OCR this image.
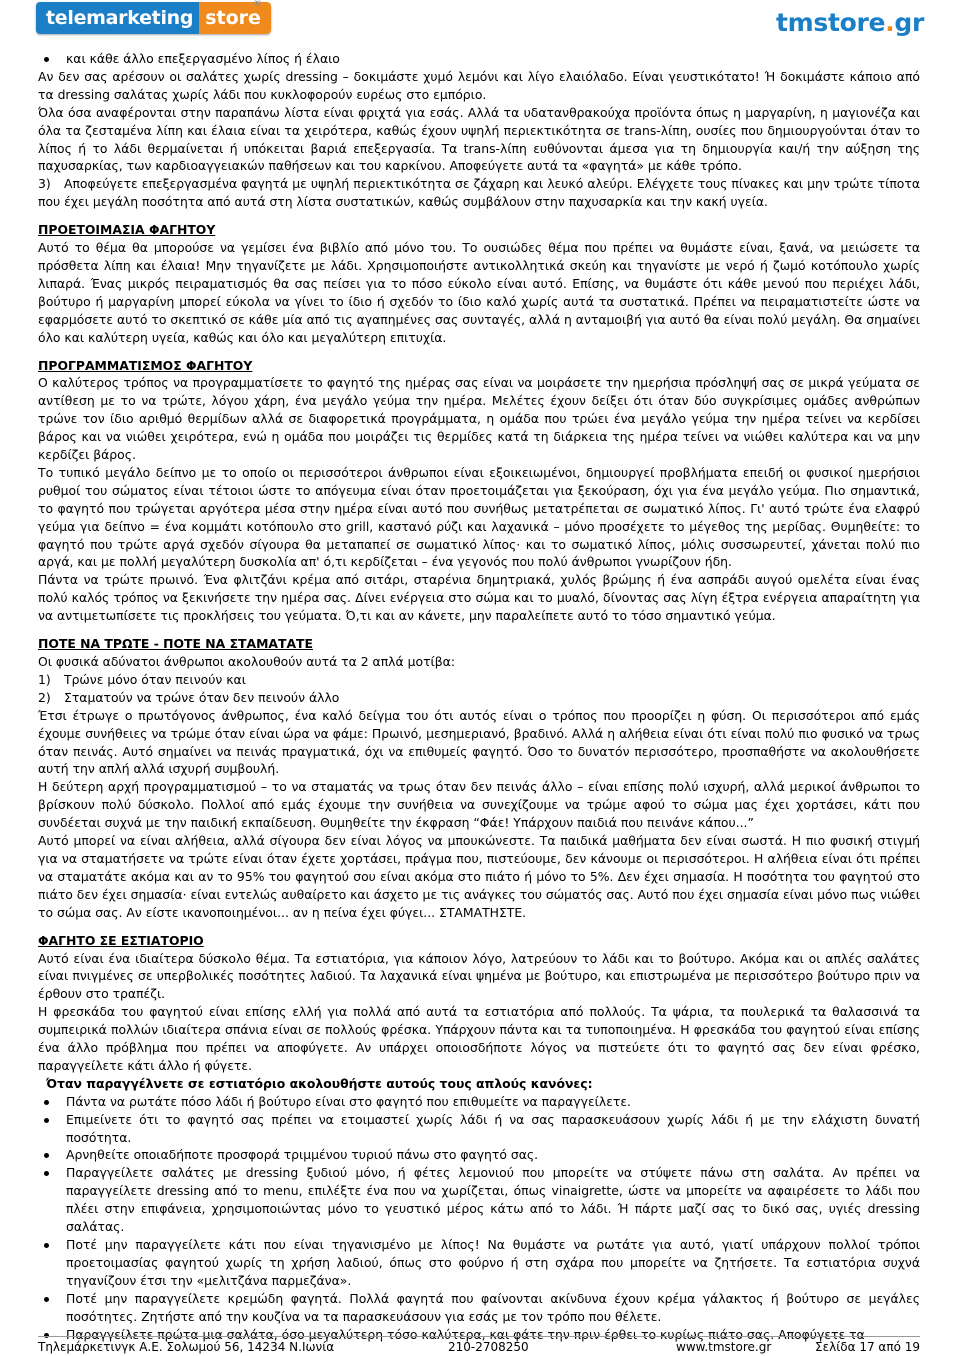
telemarketing store
®
tmstore.gr

και κάθε άλλο επεξεργασμένο λίπος ή έλαιο

Αν δεν σας αρέσουν οι σαλάτες χωρίς dressing – δοκιμάστε χυμό λεμόνι και λίγο ελαιόλαδο. Είναι γευστικότατο! Ή δοκιμάστε κάποιο από τα dressing σαλάτας χωρίς λάδι που κυκλοφορούν ευρέως στο εμπόριο.

Όλα όσα αναφέρονται στην παραπάνω λίστα είναι φριχτά για εσάς. Αλλά τα υδατανθρακούχα προϊόντα όπως η μαργαρίνη, η μαγιονέζα και όλα τα ζεσταμένα λίπη και έλαια είναι τα χειρότερα, καθώς έχουν υψηλή περιεκτικότητα σε trans-λίπη, ουσίες που δημιουργούνται όταν το λίπος ή το λάδι θερμαίνεται ή υπόκειται βαριά επεξεργασία. Τα trans-λίπη ευθύνονται άμεσα για τη δημιουργία και/ή την αύξηση της παχυσαρκίας, των καρδιοαγγειακών παθήσεων και του καρκίνου. Αποφεύγετε αυτά τα «φαγητά» με κάθε τρόπο.

3) Αποφεύγετε επεξεργασμένα φαγητά με υψηλή περιεκτικότητα σε ζάχαρη και λευκό αλεύρι. Ελέγχετε τους πίνακες και μην τρώτε τίποτα που έχει μεγάλη ποσότητα από αυτά στη λίστα συστατικών, καθώς συμβάλουν στην παχυσαρκία και την κακή υγεία.

ΠΡΟΕΤΟΙΜΑΣΙΑ ΦΑΓΗΤΟΥ

Αυτό το θέμα θα μπορούσε να γεμίσει ένα βιβλίο από μόνο του. Το ουσιώδες θέμα που πρέπει να θυμάστε είναι, ξανά, να μειώσετε τα πρόσθετα λίπη και έλαια! Μην τηγανίζετε με λάδι. Χρησιμοποιήστε αντικολλητικά σκεύη και τηγανίστε με νερό ή ζωμό κοτόπουλο χωρίς λιπαρά. Ένας μικρός πειραματισμός θα σας πείσει για το πόσο εύκολο είναι αυτό. Επίσης, να θυμάστε ότι κάθε μενού που περιέχει λάδι, βούτυρο ή μαργαρίνη μπορεί εύκολα να γίνει το ίδιο ή σχεδόν το ίδιο καλό χωρίς αυτά τα συστατικά. Πρέπει να πειραματιστείτε ώστε να εφαρμόσετε αυτό το σκεπτικό σε κάθε μία από τις αγαπημένες σας συνταγές, αλλά η ανταμοιβή για αυτό θα είναι πολύ μεγάλη. Θα σημαίνει όλο και καλύτερη υγεία, καθώς και όλο και μεγαλύτερη επιτυχία.

ΠΡΟΓΡΑΜΜΑΤΙΣΜΟΣ ΦΑΓΗΤΟΥ

Ο καλύτερος τρόπος να προγραμματίσετε το φαγητό της ημέρας σας είναι να μοιράσετε την ημερήσια πρόσληψή σας σε μικρά γεύματα σε αντίθεση με το να τρώτε, λόγου χάρη, ένα μεγάλο γεύμα την ημέρα. Μελέτες έχουν δείξει ότι όταν δύο συγκρίσιμες ομάδες ανθρώπων τρώνε τον ίδιο αριθμό θερμίδων αλλά σε διαφορετικά προγράμματα, η ομάδα που τρώει ένα μεγάλο γεύμα την ημέρα τείνει να κερδίσει βάρος και να νιώθει χειρότερα, ενώ η ομάδα που μοιράζει τις θερμίδες κατά τη διάρκεια της ημέρα τείνει να νιώθει καλύτερα και να μην κερδίζει βάρος.

Το τυπικό μεγάλο δείπνο με το οποίο οι περισσότεροι άνθρωποι είναι εξοικειωμένοι, δημιουργεί προβλήματα επειδή οι φυσικοί ημερήσιοι ρυθμοί του σώματος είναι τέτοιοι ώστε το απόγευμα είναι όταν προετοιμάζεται για ξεκούραση, όχι για ένα μεγάλο γεύμα. Πιο σημαντικά, το φαγητό που τρώγεται αργότερα μέσα στην ημέρα είναι αυτό που συνήθως μετατρέπεται σε σωματικό λίπος. Γι' αυτό τρώτε ένα ελαφρύ γεύμα για δείπνο = ένα κομμάτι κοτόπουλο στο grill, καστανό ρύζι και λαχανικά – μόνο προσέχετε το μέγεθος της μερίδας. Θυμηθείτε: το φαγητό που τρώτε αργά σχεδόν σίγουρα θα μεταπαπεί σε σωματικό λίπος· και το σωματικό λίπος, μόλις συσσωρευτεί, χάνεται πολύ πιο αργά, και με πολλή μεγαλύτερη δυσκολία απ' ό,τι κερδίζεται – ένα γεγονός που πολύ άνθρωποι γνωρίζουν ήδη.

Πάντα να τρώτε πρωινό. Ένα φλιτζάνι κρέμα από σιτάρι, σταρένια δημητριακά, χυλός βρώμης ή ένα ασπράδι αυγού ομελέτα είναι ένας πολύ καλός τρόπος να ξεκινήσετε την ημέρα σας. Δίνει ενέργεια στο σώμα και το μυαλό, δίνοντας σας λίγη έξτρα ενέργεια απαραίτητη για να αντιμετωπίσετε τις προκλήσεις του γεύματα. Ό,τι και αν κάνετε, μην παραλείπετε αυτό το τόσο σημαντικό γεύμα.

ΠΟΤΕ ΝΑ ΤΡΩΤΕ - ΠΟΤΕ ΝΑ ΣΤΑΜΑΤΑΤΕ

Οι φυσικά αδύνατοι άνθρωποι ακολουθούν αυτά τα 2 απλά μοτίβα:

1) Τρώνε μόνο όταν πεινούν και

2) Σταματούν να τρώνε όταν δεν πεινούν άλλο

Έτσι έτρωγε ο πρωτόγονος άνθρωπος, ένα καλό δείγμα του ότι αυτός είναι ο τρόπος που προορίζει η φύση. Οι περισσότεροι από εμάς έχουμε συνήθειες να τρώμε όταν είναι ώρα να φάμε: Πρωινό, μεσημεριανό, βραδινό. Αλλά η αλήθεια είναι ότι είναι πολύ πιο φυσικό να τρως όταν πεινάς. Αυτό σημαίνει να πεινάς πραγματικά, όχι να επιθυμείς φαγητό. Όσο το δυνατόν περισσότερο, προσπαθήστε να ακολουθήσετε αυτή την απλή αλλά ισχυρή συμβουλή.

Η δεύτερη αρχή προγραμματισμού – το να σταματάς να τρως όταν δεν πεινάς άλλο – είναι επίσης πολύ ισχυρή, αλλά μερικοί άνθρωποι το βρίσκουν πολύ δύσκολο. Πολλοί από εμάς έχουμε την συνήθεια να συνεχίζουμε να τρώμε αφού το σώμα μας έχει χορτάσει, κάτι που συνδέεται συχνά με την παιδική εκπαίδευση. Θυμηθείτε την έκφραση “Φάε! Υπάρχουν παιδιά που πεινάνε κάπου...”

Αυτό μπορεί να είναι αλήθεια, αλλά σίγουρα δεν είναι λόγος να μπουκώνεστε. Τα παιδικά μαθήματα δεν είναι σωστά. Η πιο φυσική στιγμή για να σταματήσετε να τρώτε είναι όταν έχετε χορτάσει, πράγμα που, πιστεύουμε, δεν κάνουμε οι περισσότεροι. Η αλήθεια είναι ότι πρέπει να σταματάτε ακόμα και αν το 95% του φαγητού σου είναι ακόμα στο πιάτο ή μόνο το 5%. Δεν έχει σημασία. Η ποσότητα του φαγητού στο πιάτο δεν έχει σημασία· είναι εντελώς αυθαίρετο και άσχετο με τις ανάγκες του σώματός σας. Αυτό που έχει σημασία είναι μόνο πως νιώθει το σώμα σας. Αν είστε ικανοποιημένοι... αν η πείνα έχει φύγει... ΣΤΑΜΑΤΗΣΤΕ.

ΦΑΓΗΤΟ ΣΕ ΕΣΤΙΑΤΟΡΙΟ

Αυτό είναι ένα ιδιαίτερα δύσκολο θέμα. Τα εστιατόρια, για κάποιον λόγο, λατρεύουν το λάδι και το βούτυρο. Ακόμα και οι απλές σαλάτες είναι πνιγμένες σε υπερβολικές ποσότητες λαδιού. Τα λαχανικά είναι ψημένα με βούτυρο, και επιστρωμένα με περισσότερο βούτυρο πριν να έρθουν στο τραπέζι.

Η φρεσκάδα του φαγητού είναι επίσης ελλή για πολλά από αυτά τα εστιατόρια από πολλούς. Τα ψάρια, τα πουλερικά τα θαλασσινά τα συμπειρικά πολλών ιδιαίτερα σπάνια είναι σε πολλούς φρέσκα. Υπάρχουν πάντα και τα τυποποιημένα. Η φρεσκάδα του φαγητού είναι επίσης ένα άλλο πρόβλημα που πρέπει να αποφύγετε. Αν υπάρχει οποιοσδήποτε λόγος να πιστεύετε ότι το φαγητό σας δεν είναι φρέσκο, παραγγείλετε κάτι άλλο ή φύγετε.

Όταν παραγγέλνετε σε εστιατόριο ακολουθήστε αυτούς τους απλούς κανόνες:

Πάντα να ρωτάτε πόσο λάδι ή βούτυρο είναι στο φαγητό που επιθυμείτε να παραγγείλετε.

Επιμείνετε ότι το φαγητό σας πρέπει να ετοιμαστεί χωρίς λάδι ή να σας παρασκευάσουν χωρίς λάδι ή με την ελάχιστη δυνατή ποσότητα.

Αρνηθείτε οποιαδήποτε προσφορά τριμμένου τυριού πάνω στο φαγητό σας.

Παραγγείλετε σαλάτες με dressing ξυδιού μόνο, ή φέτες λεμονιού που μπορείτε να στύψετε πάνω στη σαλάτα. Αν πρέπει να παραγγείλετε dressing από το menu, επιλέξτε ένα που να χωρίζεται, όπως vinaigrette, ώστε να μπορείτε να αφαιρέσετε το λάδι που πλέει στην επιφάνεια, χρησιμοποιώντας μόνο το γευστικό μέρος κάτω από το λάδι. Ή πάρτε μαζί σας το δικό σας, υγιές dressing σαλάτας.

Ποτέ μην παραγγείλετε κάτι που είναι τηγανισμένο με λίπος! Να θυμάστε να ρωτάτε για αυτό, γιατί υπάρχουν πολλοί τρόποι προετοιμασίας φαγητού χωρίς τη χρήση λαδιού, όπως στο φούρνο ή στη σχάρα που μπορείτε να ζητήσετε. Τα εστιατόρια συχνά τηγανίζουν έτσι την «μελιτζάνα παρμεζάνα».

Ποτέ μην παραγγείλετε κρεμώδη φαγητά. Πολλά φαγητά που φαίνονται ακίνδυνα έχουν κρέμα γάλακτος ή βούτυρο σε μεγάλες ποσότητες. Ζητήστε από την κουζίνα να τα παρασκευάσουν για εσάς με τον τρόπο που θέλετε.

Παραγγείλετε πρώτα μια σαλάτα, όσο μεγαλύτερη τόσο καλύτερα, και φάτε την πριν έρθει το κυρίως πιάτο σας. Αποφύγετε τα

Τηλεμάρκετινγκ Α.Ε. Σολωμού 56, 14234 Ν.Ιωνία	210-2708250	www.tmstore.gr	Σελίδα 17 από 19
